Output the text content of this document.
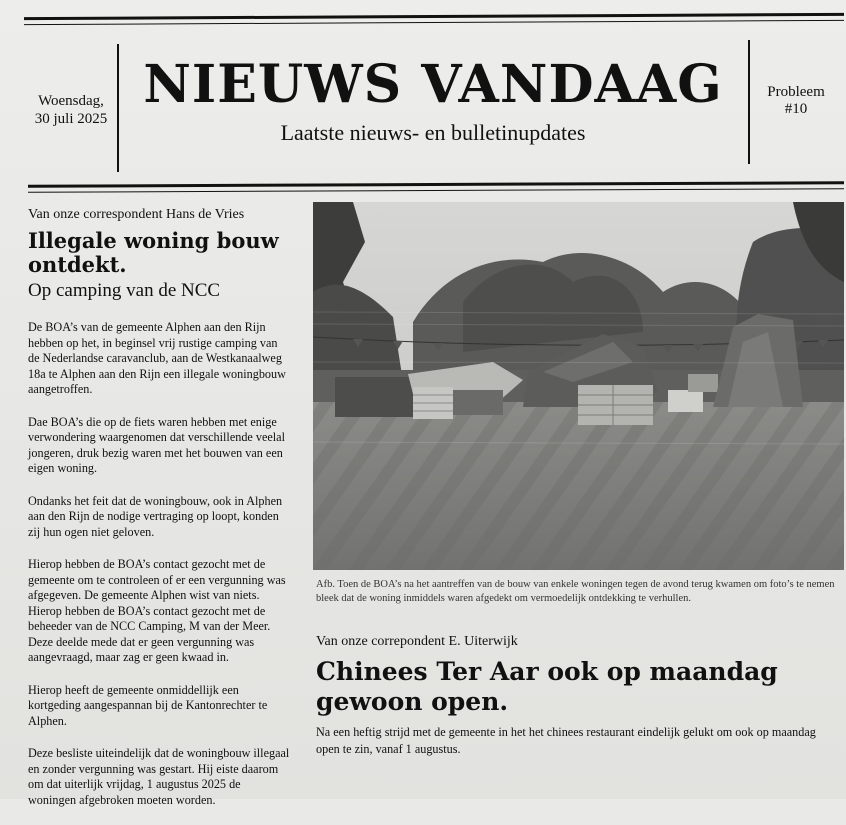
Woensdag,
30 juli 2025
NIEUWS VANDAAG
Laatste nieuws- en bulletinupdates
Probleem
#10
Van onze correspondent Hans de Vries
Illegale woning bouw ontdekt.
Op camping van de NCC

De BOA’s van de gemeente Alphen aan den Rijn hebben op het, in beginsel vrij rustige camping van de Nederlandse caravanclub, aan de Westkanaalweg 18a te Alphen aan den Rijn een illegale woningbouw aangetroffen.

Dae BOA’s die op de fiets waren hebben met enige verwondering waargenomen dat verschillende veelal jongeren, druk bezig waren met het bouwen van een eigen woning.

Ondanks het feit dat de woningbouw, ook in Alphen aan den Rijn de nodige vertraging op loopt, konden zij hun ogen niet geloven.

Hierop hebben de BOA’s contact gezocht met de gemeente om te controleen of er een vergunning was afgegeven. De gemeente Alphen wist van niets. Hierop hebben de BOA’s contact gezocht met de beheeder van de NCC Camping, M van der Meer. Deze deelde mede dat er geen vergunning was aangevraagd, maar zag er geen kwaad in.

Hierop heeft de gemeente onmiddellijk een kortgeding aangespannan bij de Kantonrechter te Alphen.

Deze besliste uiteindelijk dat de woningbouw illegaal en zonder vergunning was gestart. Hij eiste daarom om dat uiterlijk vrijdag, 1 augustus 2025 de woningen afgebroken moeten worden.

Afb. Toen de BOA’s na het aantreffen van de bouw van enkele woningen tegen de avond terug kwamen om foto’s te nemen bleek dat de woning inmiddels waren afgedekt om vermoedelijk ontdekking te verhullen.
Van onze correpondent E. Uiterwijk
Chinees Ter Aar ook op maandag gewoon open.
Na een heftig strijd met de gemeente in het het chinees restaurant eindelijk gelukt om ook op maandag open te zin, vanaf 1 augustus.
